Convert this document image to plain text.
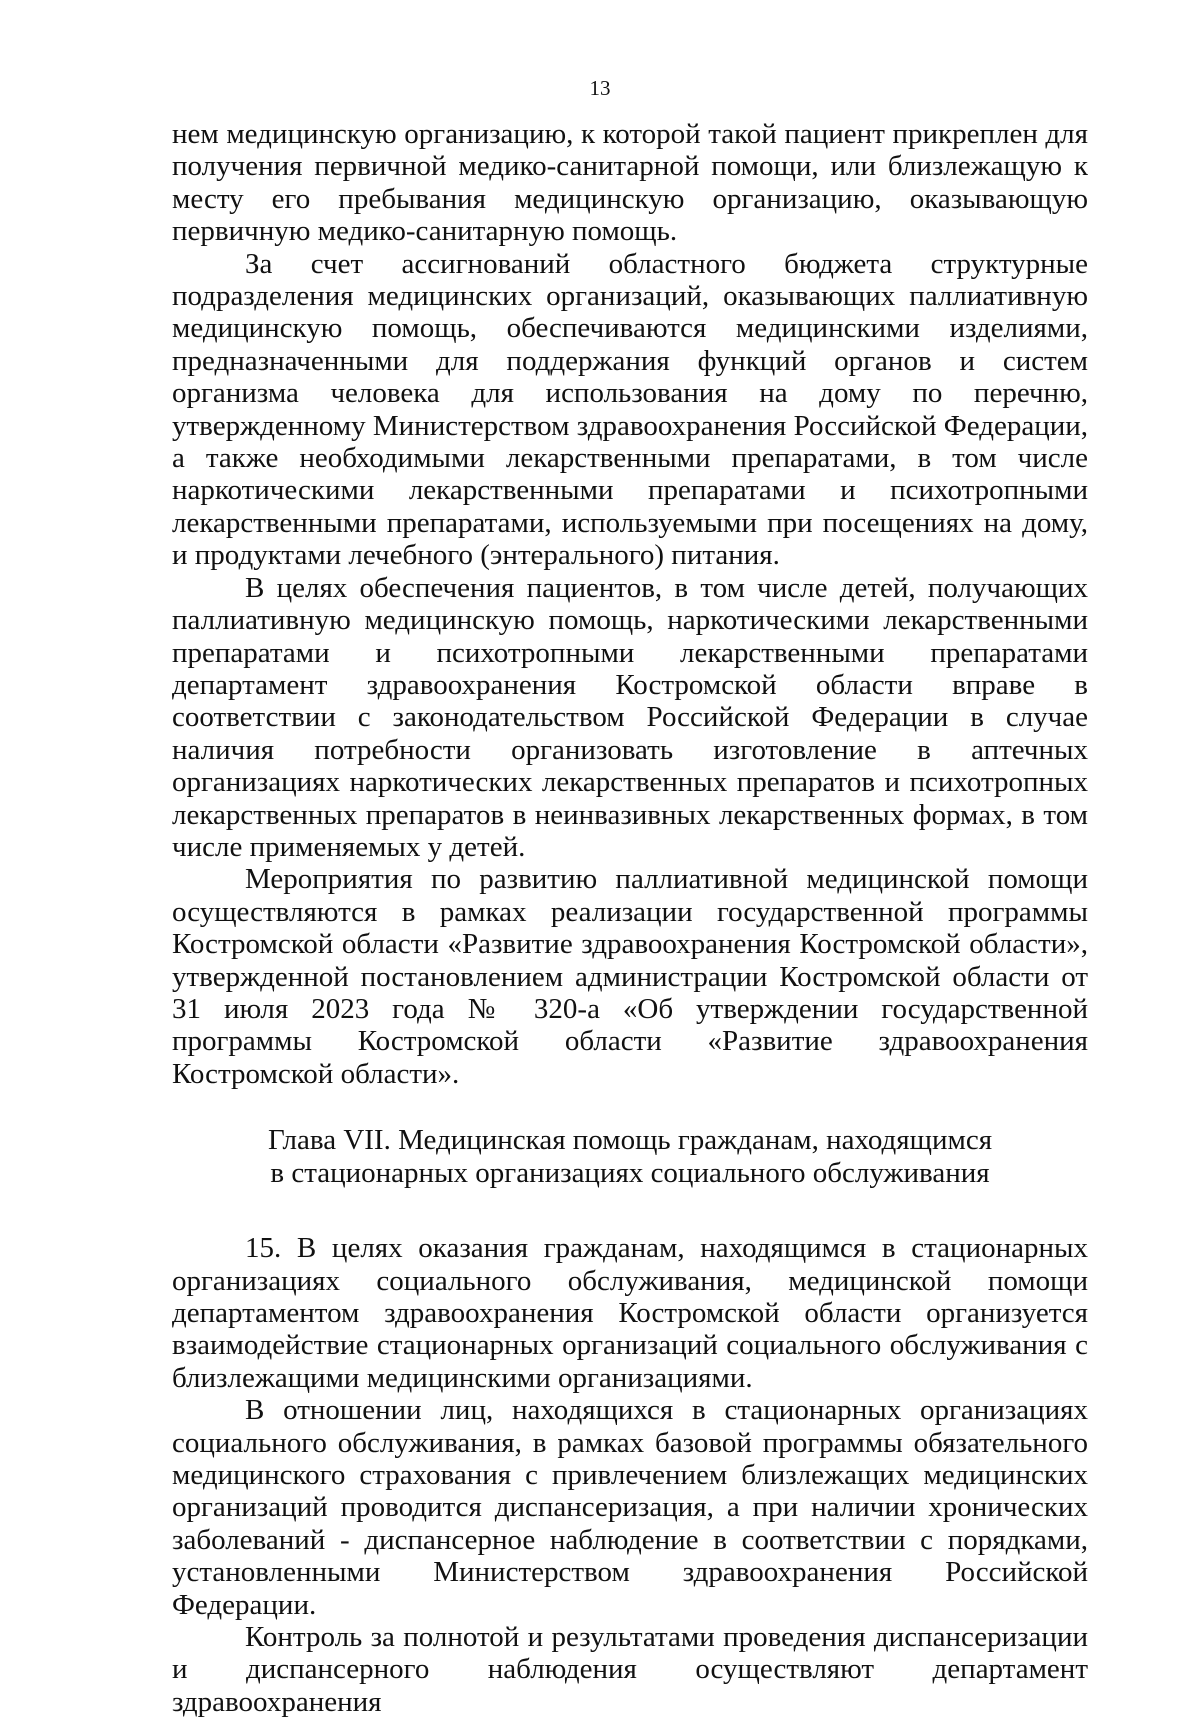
13

нем медицинскую организацию, к которой такой пациент прикреплен для получения первичной медико-санитарной помощи, или близлежащую к месту его пребывания медицинскую организацию, оказывающую первичную медико-санитарную помощь.

За счет ассигнований областного бюджета структурные подразделения медицинских организаций, оказывающих паллиативную медицинскую помощь, обеспечиваются медицинскими изделиями, предназначенными для поддержания функций органов и систем организма человека для использования на дому по перечню, утвержденному Министерством здравоохранения Российской Федерации, а также необходимыми лекарственными препаратами, в том числе наркотическими лекарственными препаратами и психотропными лекарственными препаратами, используемыми при посещениях на дому, и продуктами лечебного (энтерального) питания.

В целях обеспечения пациентов, в том числе детей, получающих паллиативную медицинскую помощь, наркотическими лекарственными препаратами и психотропными лекарственными препаратами департамент здравоохранения Костромской области вправе в соответствии с законодательством Российской Федерации в случае наличия потребности организовать изготовление в аптечных организациях наркотических лекарственных препаратов и психотропных лекарственных препаратов в неинвазивных лекарственных формах, в том числе применяемых у детей.

Мероприятия по развитию паллиативной медицинской помощи осуществляются в рамках реализации государственной программы Костромской области «Развитие здравоохранения Костромской области», утвержденной постановлением администрации Костромской области от 31 июля 2023 года № 320-а «Об утверждении государственной программы Костромской области «Развитие здравоохранения Костромской области».

Глава VII. Медицинская помощь гражданам, находящимся
в стационарных организациях социального обслуживания

15. В целях оказания гражданам, находящимся в стационарных организациях социального обслуживания, медицинской помощи департаментом здравоохранения Костромской области организуется взаимодействие стационарных организаций социального обслуживания с близлежащими медицинскими организациями.

В отношении лиц, находящихся в стационарных организациях социального обслуживания, в рамках базовой программы обязательного медицинского страхования с привлечением близлежащих медицинских организаций проводится диспансеризация, а при наличии хронических заболеваний - диспансерное наблюдение в соответствии с порядками, установленными Министерством здравоохранения Российской Федерации.

Контроль за полнотой и результатами проведения диспансеризации и диспансерного наблюдения осуществляют департамент здравоохранения
